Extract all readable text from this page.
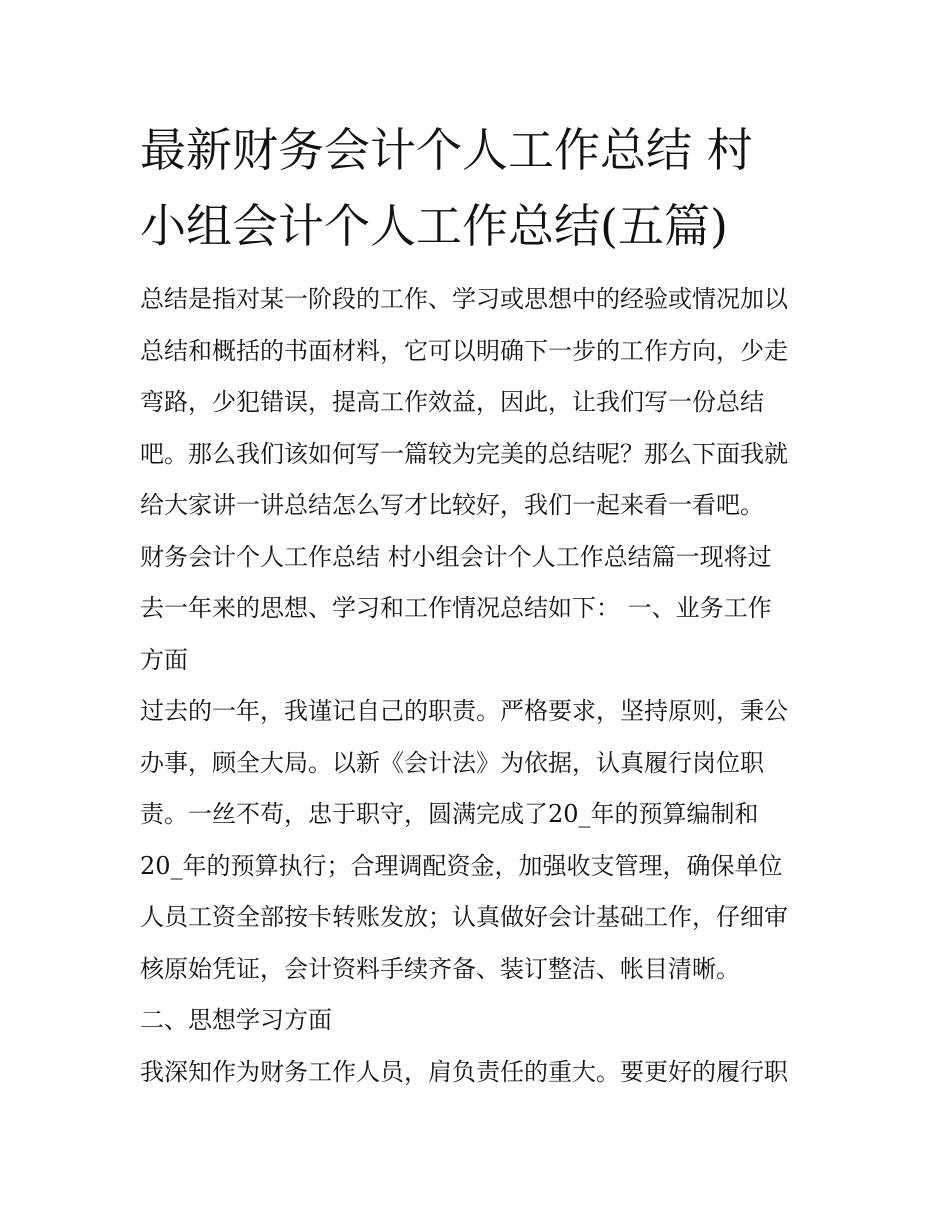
最新财务会计个人工作总结 村
小组会计个人工作总结(五篇)
总结是指对某一阶段的工作、学习或思想中的经验或情况加以
总结和概括的书面材料，它可以明确下一步的工作方向，少走
弯路，少犯错误，提高工作效益，因此，让我们写一份总结
吧。那么我们该如何写一篇较为完美的总结呢？那么下面我就
给大家讲一讲总结怎么写才比较好，我们一起来看一看吧。
财务会计个人工作总结 村小组会计个人工作总结篇一现将过
去一年来的思想、学习和工作情况总结如下： 一、业务工作
方面
过去的一年，我谨记自己的职责。严格要求，坚持原则，秉公
办事，顾全大局。以新《会计法》为依据，认真履行岗位职
责。一丝不苟，忠于职守，圆满完成了20_年的预算编制和
20_年的预算执行；合理调配资金，加强收支管理，确保单位
人员工资全部按卡转账发放；认真做好会计基础工作，仔细审
核原始凭证，会计资料手续齐备、装订整洁、帐目清晰。
二、思想学习方面
我深知作为财务工作人员，肩负责任的重大。要更好的履行职
